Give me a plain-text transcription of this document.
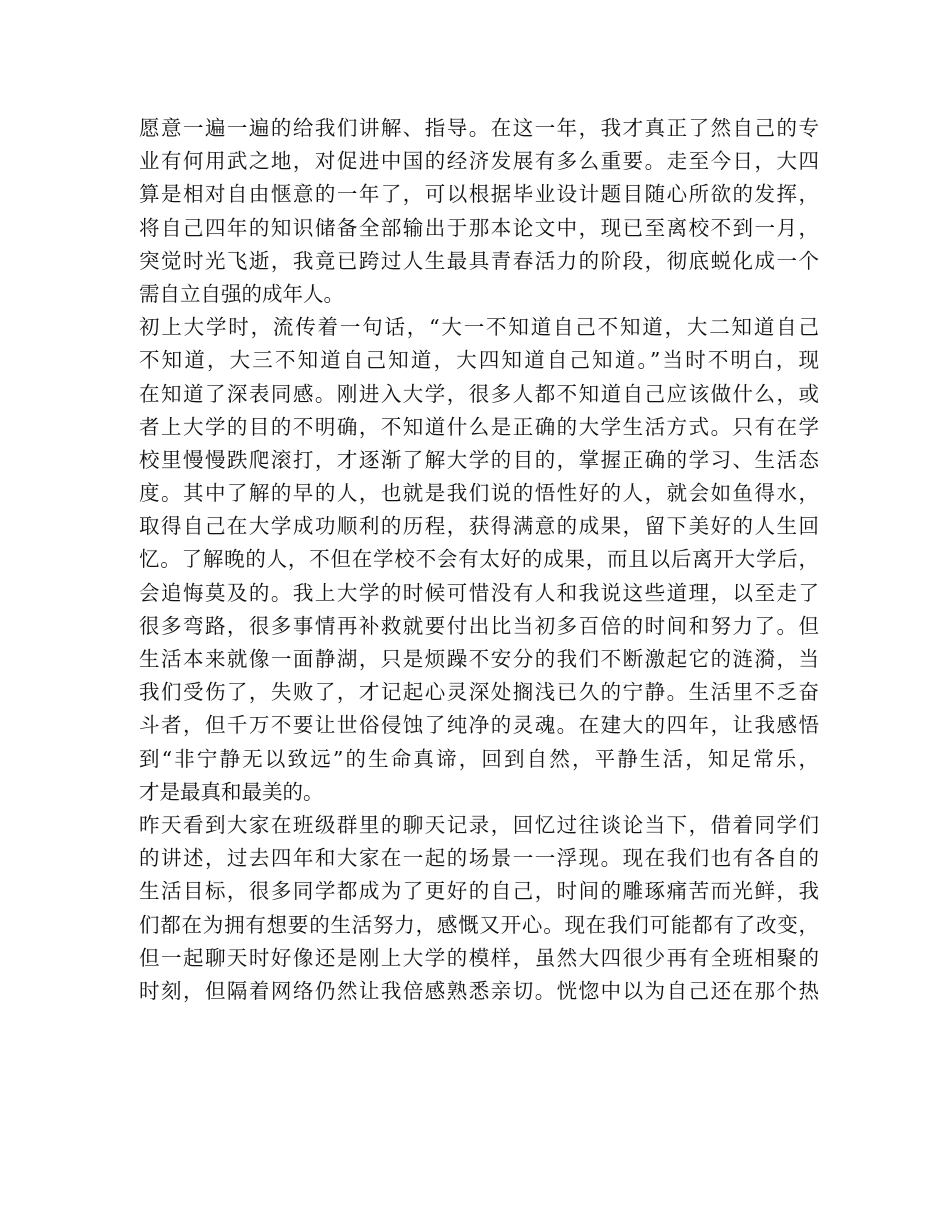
愿意一遍一遍的给我们讲解、指导。在这一年，我才真正了然自己的专
业有何用武之地，对促进中国的经济发展有多么重要。走至今日，大四
算是相对自由惬意的一年了，可以根据毕业设计题目随心所欲的发挥，
将自己四年的知识储备全部输出于那本论文中，现已至离校不到一月，
突觉时光飞逝，我竟已跨过人生最具青春活力的阶段，彻底蜕化成一个
需自立自强的成年人。
初上大学时，流传着一句话，“大一不知道自己不知道，大二知道自己
不知道，大三不知道自己知道，大四知道自己知道。”当时不明白，现
在知道了深表同感。刚进入大学，很多人都不知道自己应该做什么，或
者上大学的目的不明确，不知道什么是正确的大学生活方式。只有在学
校里慢慢跌爬滚打，才逐渐了解大学的目的，掌握正确的学习、生活态
度。其中了解的早的人，也就是我们说的悟性好的人，就会如鱼得水，
取得自己在大学成功顺利的历程，获得满意的成果，留下美好的人生回
忆。了解晚的人，不但在学校不会有太好的成果，而且以后离开大学后，
会追悔莫及的。我上大学的时候可惜没有人和我说这些道理，以至走了
很多弯路，很多事情再补救就要付出比当初多百倍的时间和努力了。但
生活本来就像一面静湖，只是烦躁不安分的我们不断激起它的涟漪，当
我们受伤了，失败了，才记起心灵深处搁浅已久的宁静。生活里不乏奋
斗者，但千万不要让世俗侵蚀了纯净的灵魂。在建大的四年，让我感悟
到“非宁静无以致远”的生命真谛，回到自然，平静生活，知足常乐，
才是最真和最美的。
昨天看到大家在班级群里的聊天记录，回忆过往谈论当下，借着同学们
的讲述，过去四年和大家在一起的场景一一浮现。现在我们也有各自的
生活目标，很多同学都成为了更好的自己，时间的雕琢痛苦而光鲜，我
们都在为拥有想要的生活努力，感慨又开心。现在我们可能都有了改变，
但一起聊天时好像还是刚上大学的模样，虽然大四很少再有全班相聚的
时刻，但隔着网络仍然让我倍感熟悉亲切。恍惚中以为自己还在那个热
